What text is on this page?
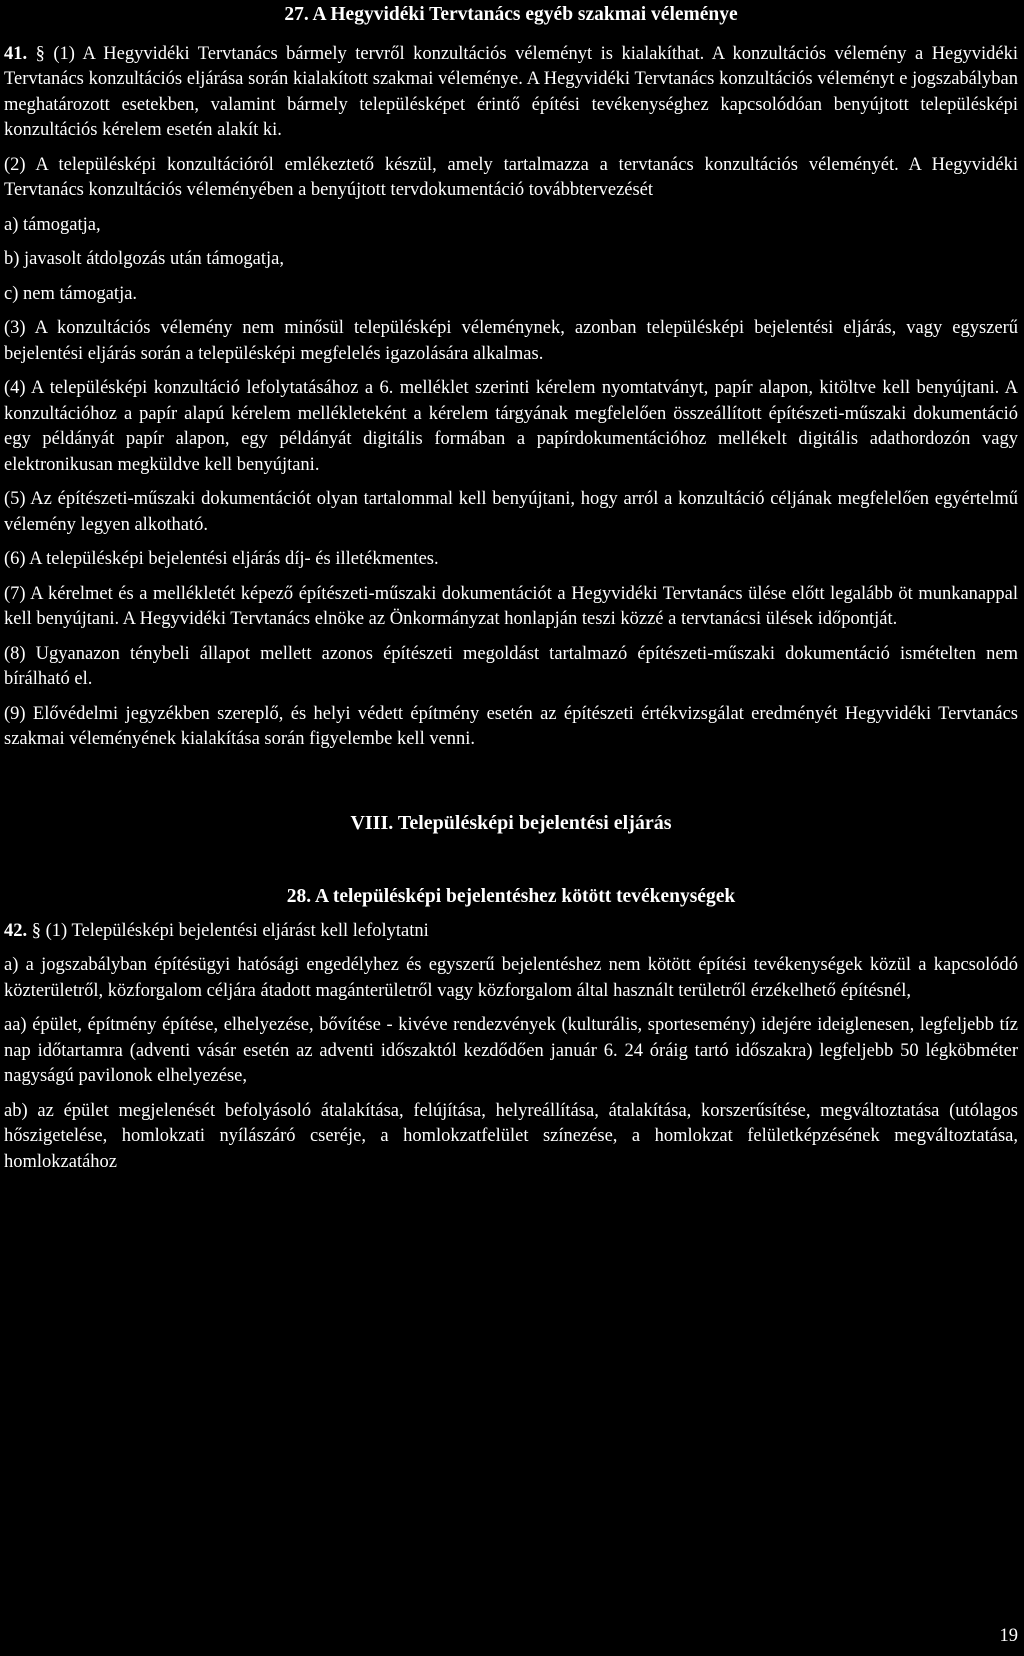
27. A Hegyvidéki Tervtanács egyéb szakmai véleménye

41. § (1) A Hegyvidéki Tervtanács bármely tervről konzultációs véleményt is kialakíthat. A konzultációs vélemény a Hegyvidéki Tervtanács konzultációs eljárása során kialakított szakmai véleménye. A Hegyvidéki Tervtanács konzultációs véleményt e jogszabályban meghatározott esetekben, valamint bármely településképet érintő építési tevékenységhez kapcsolódóan benyújtott településképi konzultációs kérelem esetén alakít ki.

(2) A településképi konzultációról emlékeztető készül, amely tartalmazza a tervtanács konzultációs véleményét. A Hegyvidéki Tervtanács konzultációs véleményében a benyújtott tervdokumentáció továbbtervezését

a) támogatja,

b) javasolt átdolgozás után támogatja,

c) nem támogatja.

(3) A konzultációs vélemény nem minősül településképi véleménynek, azonban településképi bejelentési eljárás, vagy egyszerű bejelentési eljárás során a településképi megfelelés igazolására alkalmas.

(4) A településképi konzultáció lefolytatásához a 6. melléklet szerinti kérelem nyomtatványt, papír alapon, kitöltve kell benyújtani. A konzultációhoz a papír alapú kérelem mellékleteként a kérelem tárgyának megfelelően összeállított építészeti-műszaki dokumentáció egy példányát papír alapon, egy példányát digitális formában a papírdokumentációhoz mellékelt digitális adathordozón vagy elektronikusan megküldve kell benyújtani.

(5) Az építészeti-műszaki dokumentációt olyan tartalommal kell benyújtani, hogy arról a konzultáció céljának megfelelően egyértelmű vélemény legyen alkotható.

(6) A településképi bejelentési eljárás díj- és illetékmentes.

(7) A kérelmet és a mellékletét képező építészeti-műszaki dokumentációt a Hegyvidéki Tervtanács ülése előtt legalább öt munkanappal kell benyújtani. A Hegyvidéki Tervtanács elnöke az Önkormányzat honlapján teszi közzé a tervtanácsi ülések időpontját.

(8) Ugyanazon ténybeli állapot mellett azonos építészeti megoldást tartalmazó építészeti-műszaki dokumentáció ismételten nem bírálható el.

(9) Elővédelmi jegyzékben szereplő, és helyi védett építmény esetén az építészeti értékvizsgálat eredményét Hegyvidéki Tervtanács szakmai véleményének kialakítása során figyelembe kell venni.

VIII. Településképi bejelentési eljárás
28. A településképi bejelentéshez kötött tevékenységek

42. § (1) Településképi bejelentési eljárást kell lefolytatni

a) a jogszabályban építésügyi hatósági engedélyhez és egyszerű bejelentéshez nem kötött építési tevékenységek közül a kapcsolódó közterületről, közforgalom céljára átadott magánterületről vagy közforgalom által használt területről érzékelhető építésnél,

aa) épület, építmény építése, elhelyezése, bővítése - kivéve rendezvények (kulturális, sportesemény) idejére ideiglenesen, legfeljebb tíz nap időtartamra (adventi vásár esetén az adventi időszaktól kezdődően január 6. 24 óráig tartó időszakra) legfeljebb 50 légköbméter nagyságú pavilonok elhelyezése,

ab) az épület megjelenését befolyásoló átalakítása, felújítása, helyreállítása, átalakítása, korszerűsítése, megváltoztatása (utólagos hőszigetelése, homlokzati nyílászáró cseréje, a homlokzatfelület színezése, a homlokzat felületképzésének megváltoztatása, homlokzatához

19
